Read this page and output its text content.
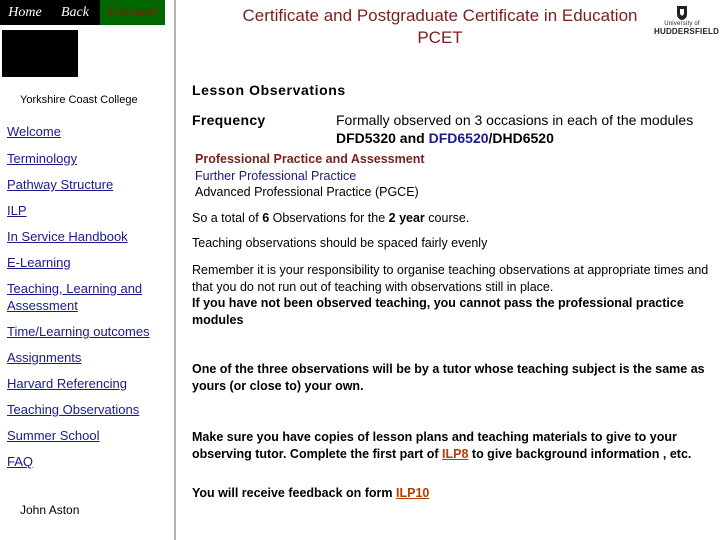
Home	Back	Forward	Certificate and Postgraduate Certificate in Education
PCET
University of
HUDDERSFIELD
Yorkshire Coast College
Welcome
Terminology
Pathway Structure
ILP
In Service Handbook
E-Learning
Teaching, Learning and Assessment
Time/Learning outcomes
Assignments
Harvard Referencing
Teaching Observations
Summer School
FAQ
John Aston
Lesson Observations
Frequency	Formally observed on 3 occasions in each of the modules DFD5320 and DFD6520/DHD6520
Professional Practice and Assessment
Further Professional Practice
Advanced Professional Practice (PGCE)
So a total of 6 Observations for the 2 year course.
Teaching observations should be spaced fairly evenly
Remember it is your responsibility to organise teaching observations at appropriate times and that you do not run out of teaching with observations still in place.
If you have not been observed teaching, you cannot pass the professional practice modules
One of the three observations will be by a tutor whose teaching subject is the same as yours (or close to) your own.
Make sure you have copies of lesson plans and teaching materials to give to your observing tutor. Complete the first part of ILP8 to give background information , etc.
You will receive feedback on form ILP10
